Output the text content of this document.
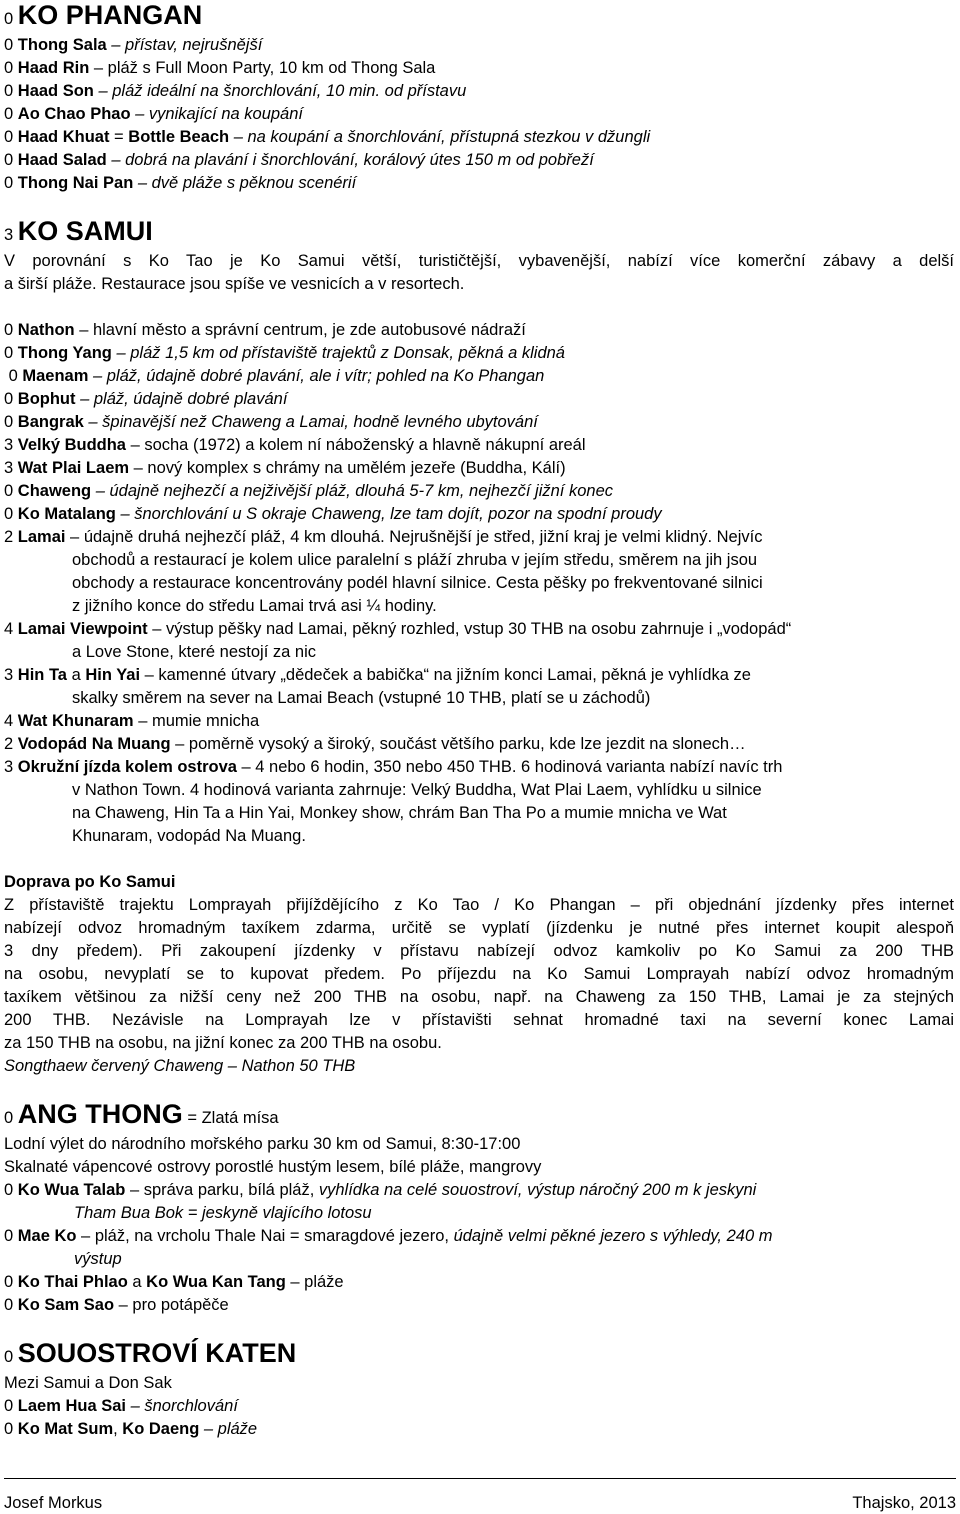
0 KO PHANGAN
0 Thong Sala – přístav, nejrušnější
0 Haad Rin – pláž s Full Moon Party, 10 km od Thong Sala
0 Haad Son – pláž ideální na šnorchlování, 10 min. od přístavu
0 Ao Chao Phao – vynikající na koupání
0 Haad Khuat = Bottle Beach – na koupání a šnorchlování, přístupná stezkou v džungli
0 Haad Salad – dobrá na plavání i šnorchlování, korálový útes 150 m od pobřeží
0 Thong Nai Pan – dvě pláže s pěknou scenérií
3 KO SAMUI
V porovnání s Ko Tao je Ko Samui větší, turističtější, vybavenější, nabízí více komerční zábavy a delší
a širší pláže. Restaurace jsou spíše ve vesnicích a v resortech.
0 Nathon – hlavní město a správní centrum, je zde autobusové nádraží
0 Thong Yang – pláž 1,5 km od přístaviště trajektů z Donsak, pěkná a klidná
0 Maenam – pláž, údajně dobré plavání, ale i vítr; pohled na Ko Phangan
0 Bophut – pláž, údajně dobré plavání
0 Bangrak – špinavější než Chaweng a Lamai, hodně levného ubytování
3 Velký Buddha – socha (1972) a kolem ní náboženský a hlavně nákupní areál
3 Wat Plai Laem – nový komplex s chrámy na umělém jezeře (Buddha, Kálí)
0 Chaweng – údajně nejhezčí a nejživější pláž, dlouhá 5-7 km, nejhezčí jižní konec
0 Ko Matalang – šnorchlování u S okraje Chaweng, lze tam dojít, pozor na spodní proudy
2 Lamai – údajně druhá nejhezčí pláž, 4 km dlouhá. Nejrušnější je střed, jižní kraj je velmi klidný. Nejvíc
obchodů a restaurací je kolem ulice paralelní s pláží zhruba v jejím středu, směrem na jih jsou
obchody a restaurace koncentrovány podél hlavní silnice. Cesta pěšky po frekventované silnici
z jižního konce do středu Lamai trvá asi ¼ hodiny.
4 Lamai Viewpoint – výstup pěšky nad Lamai, pěkný rozhled, vstup 30 THB na osobu zahrnuje i „vodopád“
a Love Stone, které nestojí za nic
3 Hin Ta a Hin Yai – kamenné útvary „dědeček a babička“ na jižním konci Lamai, pěkná je vyhlídka ze
skalky směrem na sever na Lamai Beach (vstupné 10 THB, platí se u záchodů)
4 Wat Khunaram – mumie mnicha
2 Vodopád Na Muang – poměrně vysoký a široký, součást většího parku, kde lze jezdit na slonech…
3 Okružní jízda kolem ostrova – 4 nebo 6 hodin, 350 nebo 450 THB. 6 hodinová varianta nabízí navíc trh
v Nathon Town. 4 hodinová varianta zahrnuje: Velký Buddha, Wat Plai Laem, vyhlídku u silnice
na Chaweng, Hin Ta a Hin Yai, Monkey show, chrám Ban Tha Po a mumie mnicha ve Wat
Khunaram, vodopád Na Muang.
Doprava po Ko Samui
Z přístaviště trajektu Lomprayah přijíždějícího z Ko Tao / Ko Phangan – při objednání jízdenky přes internet
nabízejí odvoz hromadným taxíkem zdarma, určitě se vyplatí (jízdenku je nutné přes internet koupit alespoň
3 dny předem). Při zakoupení jízdenky v přístavu nabízejí odvoz kamkoliv po Ko Samui za 200 THB
na osobu, nevyplatí se to kupovat předem. Po příjezdu na Ko Samui Lomprayah nabízí odvoz hromadným
taxíkem většinou za nižší ceny než 200 THB na osobu, např. na Chaweng za 150 THB, Lamai je za stejných
200 THB. Nezávisle na Lomprayah lze v přístavišti sehnat hromadné taxi na severní konec Lamai
za 150 THB na osobu, na jižní konec za 200 THB na osobu.
Songthaew červený Chaweng – Nathon 50 THB
0 ANG THONG = Zlatá mísa
Lodní výlet do národního mořského parku 30 km od Samui, 8:30-17:00
Skalnaté vápencové ostrovy porostlé hustým lesem, bílé pláže, mangrovy
0 Ko Wua Talab – správa parku, bílá pláž, vyhlídka na celé souostroví, výstup náročný 200 m k jeskyni
Tham Bua Bok = jeskyně vlajícího lotosu
0 Mae Ko – pláž, na vrcholu Thale Nai = smaragdové jezero, údajně velmi pěkné jezero s výhledy, 240 m
výstup
0 Ko Thai Phlao a Ko Wua Kan Tang – pláže
0 Ko Sam Sao – pro potápěče
0 SOUOSTROVÍ KATEN
Mezi Samui a Don Sak
0 Laem Hua Sai – šnorchlování
0 Ko Mat Sum, Ko Daeng – pláže
Josef Morkus	Thajsko, 2013
